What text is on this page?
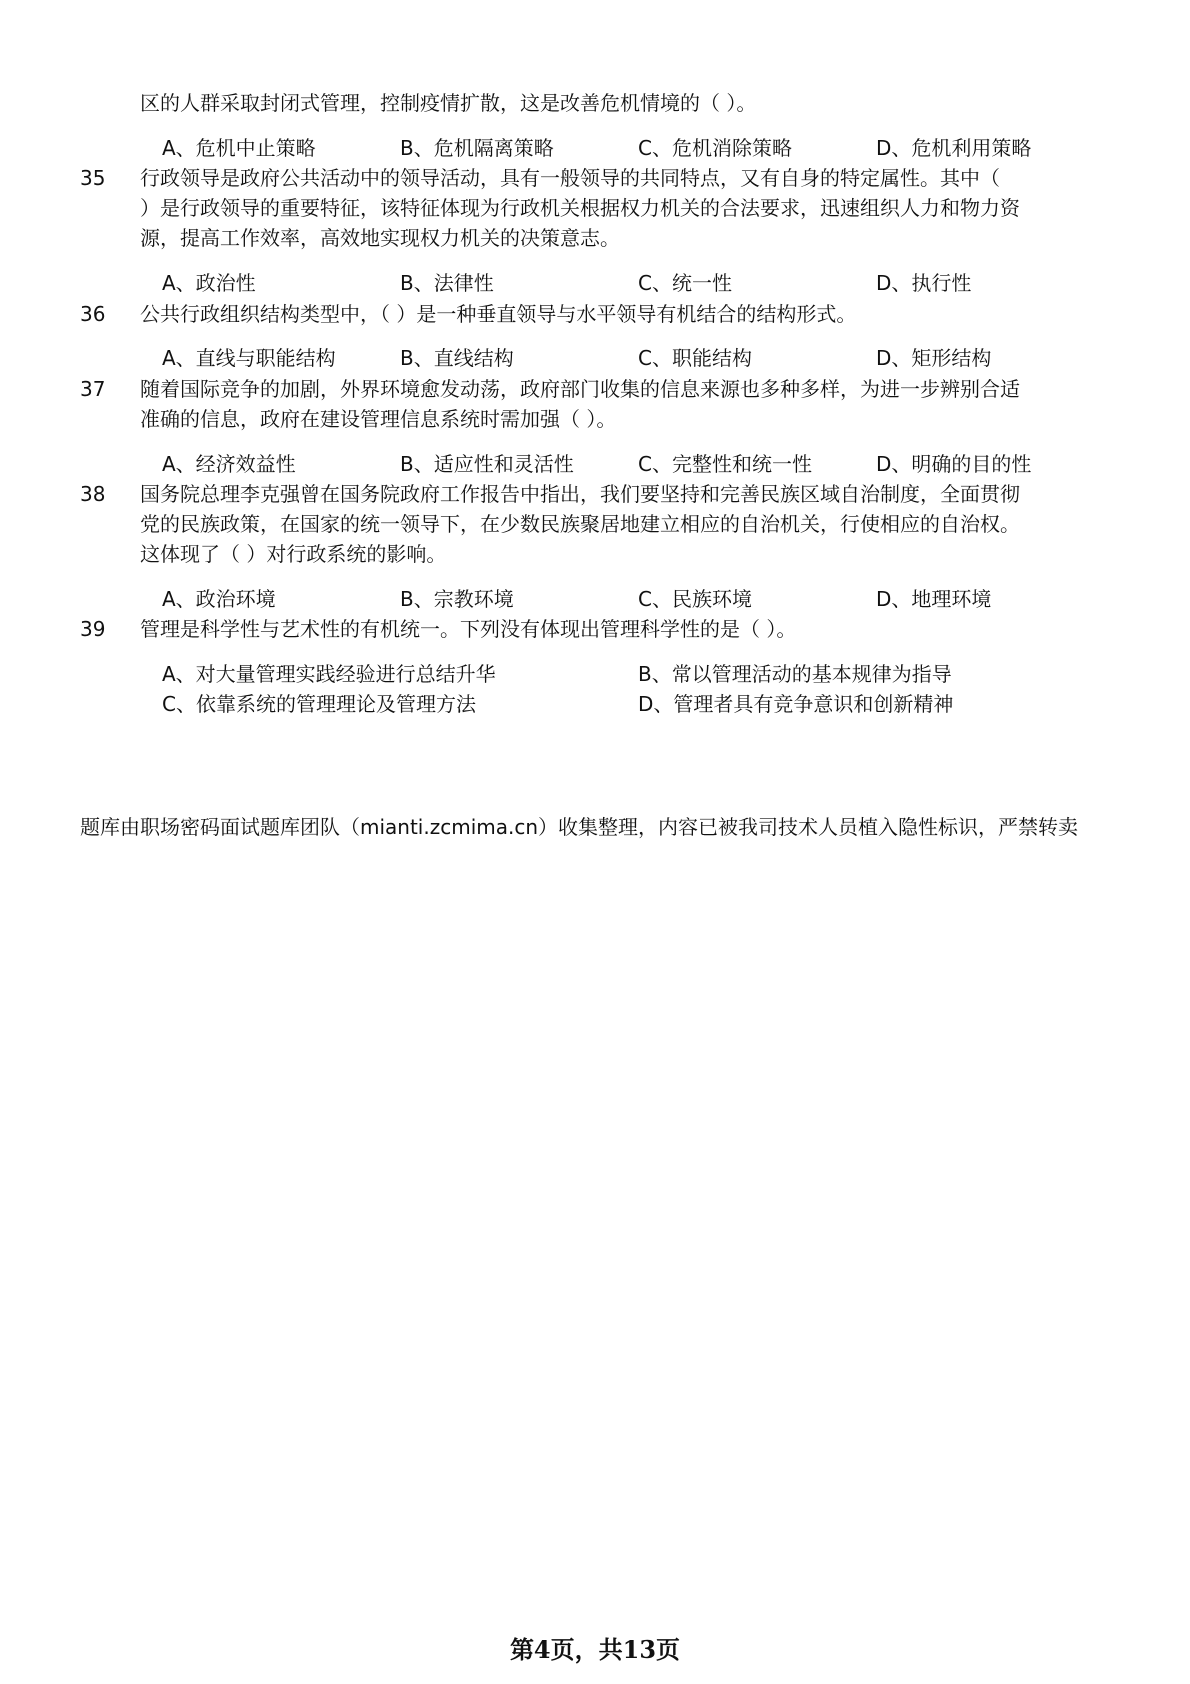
区的人群采取封闭式管理，控制疫情扩散，这是改善危机情境的（ ）。
A、危机中止策略	B、危机隔离策略	C、危机消除策略	D、危机利用策略
35 行政领导是政府公共活动中的领导活动，具有一般领导的共同特点，又有自身的特定属性。其中（
）是行政领导的重要特征，该特征体现为行政机关根据权力机关的合法要求，迅速组织人力和物力资
源，提高工作效率，高效地实现权力机关的决策意志。
A、政治性	B、法律性	C、统一性	D、执行性
36 公共行政组织结构类型中，（ ）是一种垂直领导与水平领导有机结合的结构形式。
A、直线与职能结构	B、直线结构	C、职能结构	D、矩形结构
37 随着国际竞争的加剧，外界环境愈发动荡，政府部门收集的信息来源也多种多样，为进一步辨别合适
准确的信息，政府在建设管理信息系统时需加强（ ）。
A、经济效益性	B、适应性和灵活性	C、完整性和统一性	D、明确的目的性
38 国务院总理李克强曾在国务院政府工作报告中指出，我们要坚持和完善民族区域自治制度，全面贯彻
党的民族政策，在国家的统一领导下，在少数民族聚居地建立相应的自治机关，行使相应的自治权。
这体现了（ ）对行政系统的影响。
A、政治环境	B、宗教环境	C、民族环境	D、地理环境
39 管理是科学性与艺术性的有机统一。下列没有体现出管理科学性的是（ ）。
A、对大量管理实践经验进行总结升华	B、常以管理活动的基本规律为指导
C、依靠系统的管理理论及管理方法	D、管理者具有竞争意识和创新精神
题库由职场密码面试题库团队（mianti.zcmima.cn）收集整理，内容已被我司技术人员植入隐性标识，严禁转卖
第4页，共13页
